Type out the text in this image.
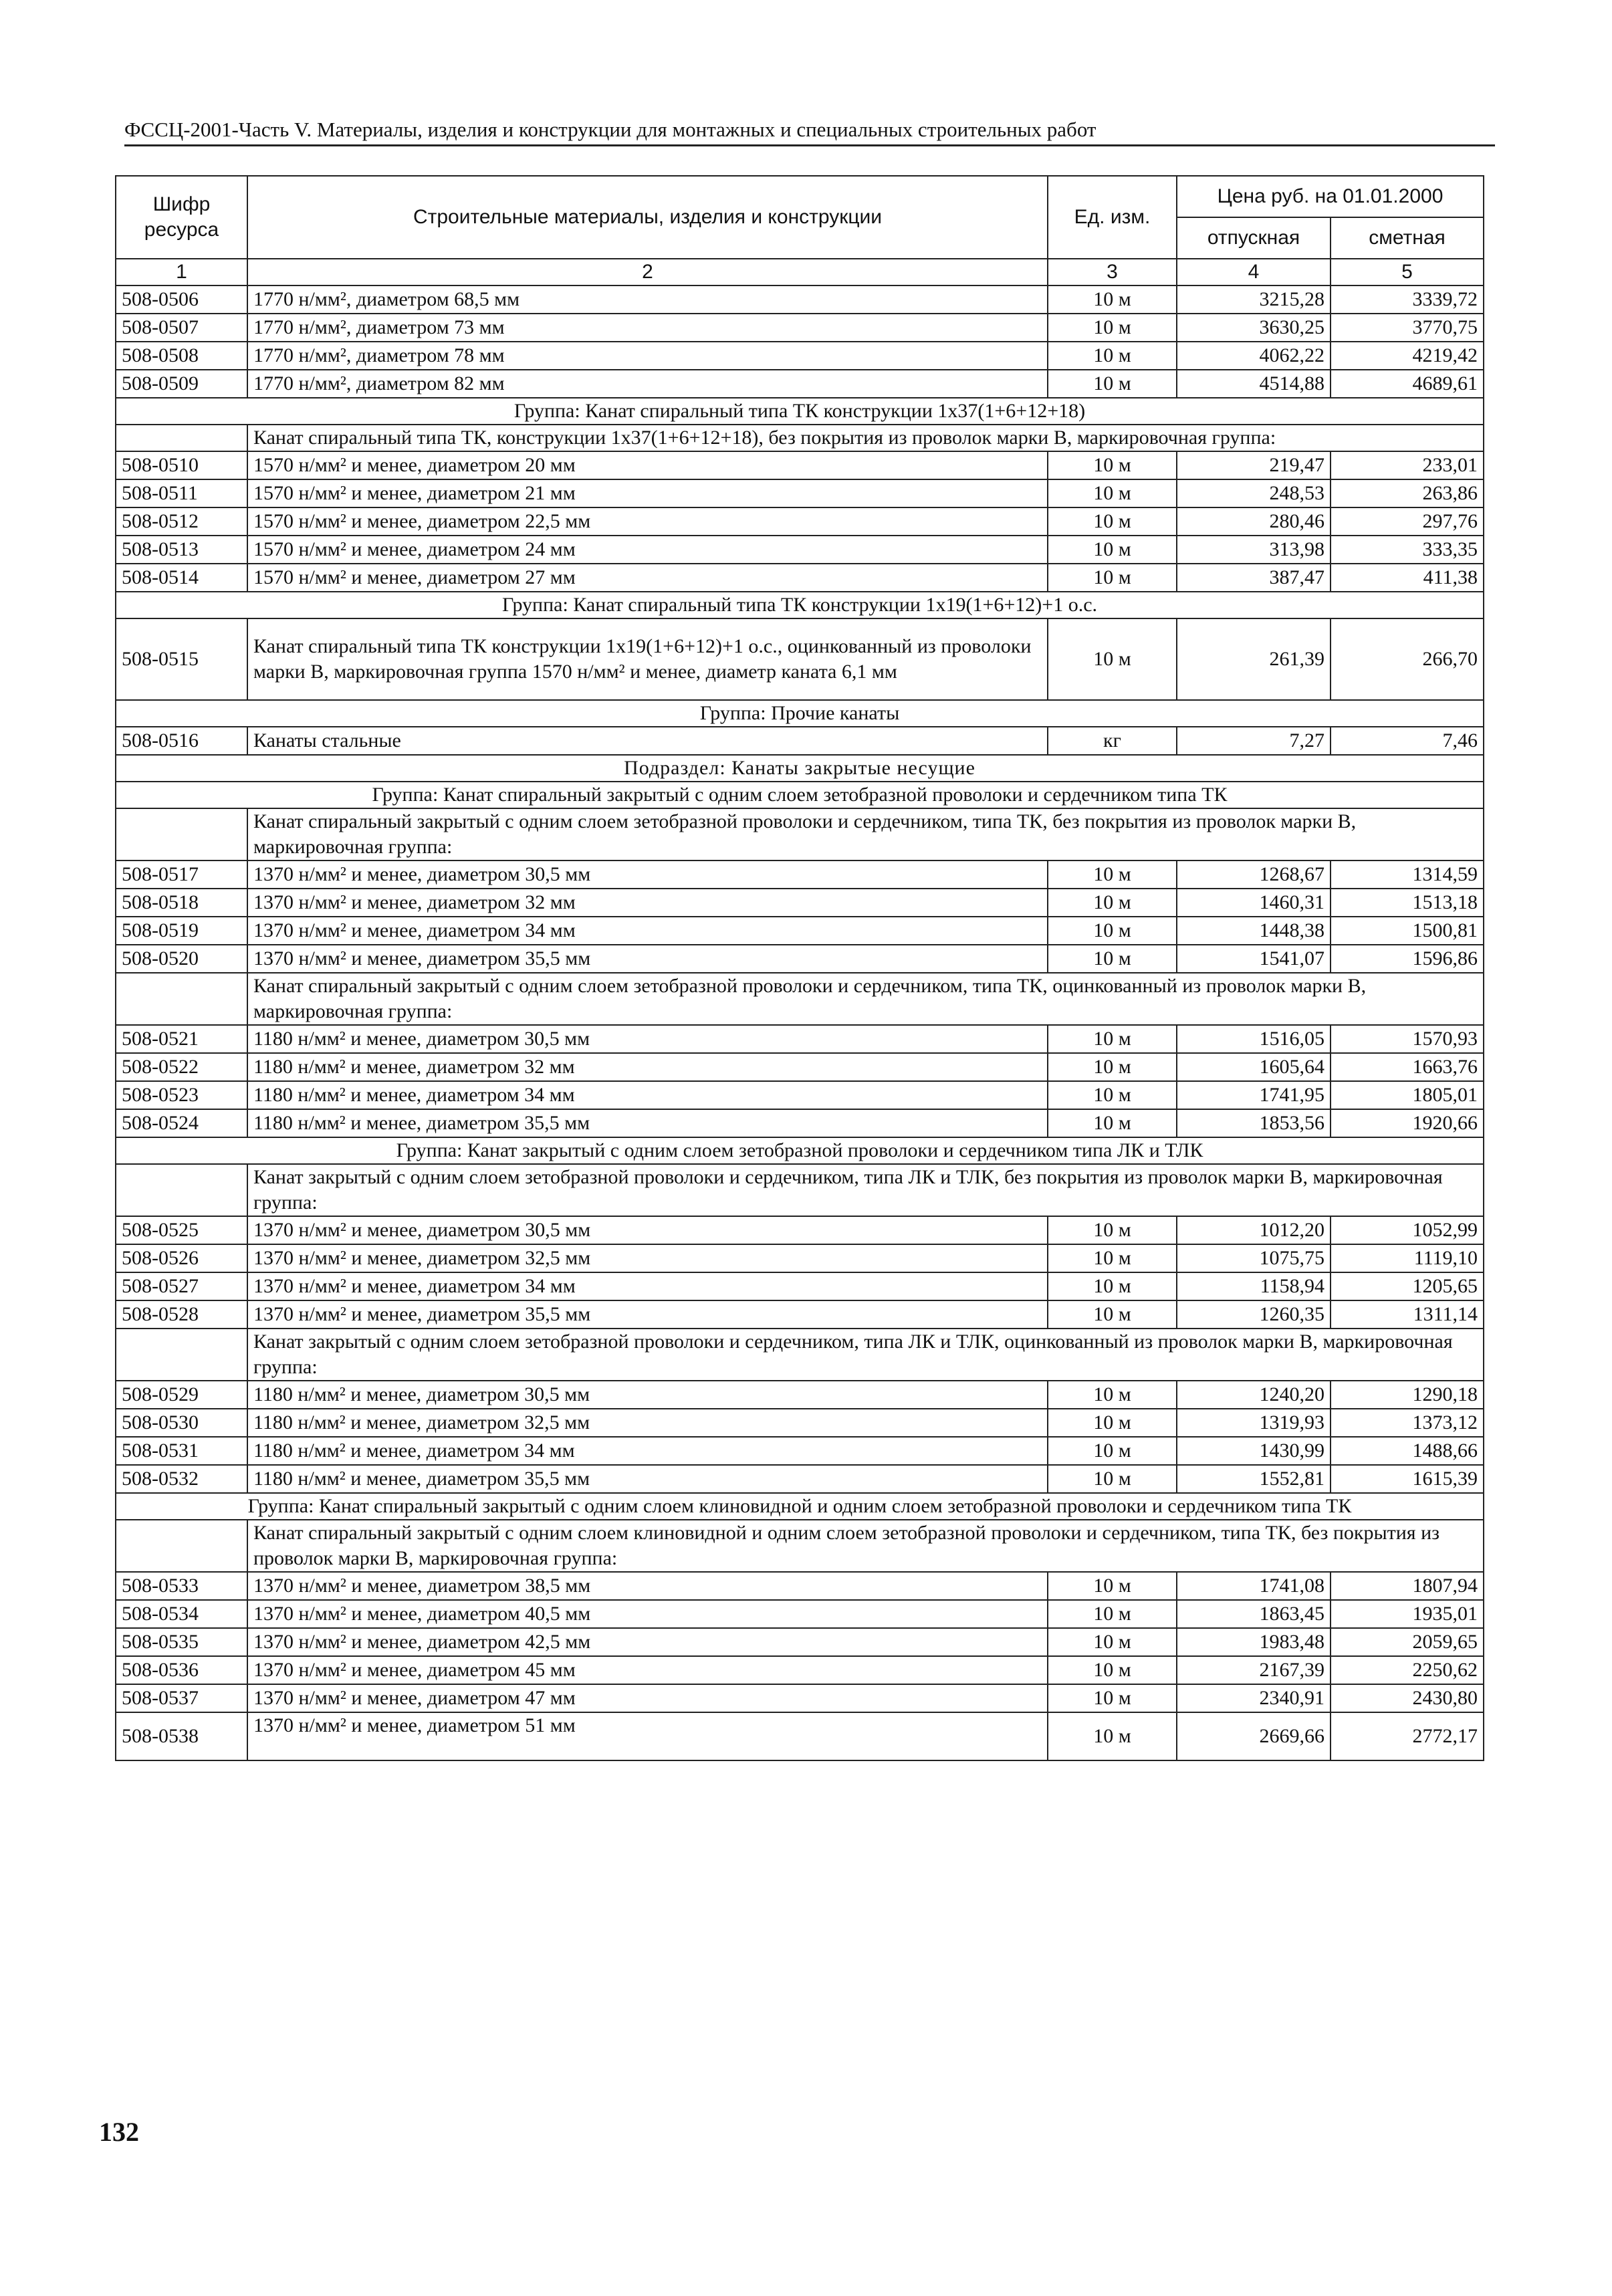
ФССЦ-2001-Часть V. Материалы, изделия и конструкции для монтажных и специальных строительных работ
Шифр ресурса	Строительные материалы, изделия и конструкции	Ед. изм.	Цена руб. на 01.01.2000	
			отпускная	сметная
1	2	3	4	5
508-0506	1770 н/мм², диаметром 68,5 мм	10 м	3215,28	3339,72
508-0507	1770 н/мм², диаметром 73 мм	10 м	3630,25	3770,75
508-0508	1770 н/мм², диаметром 78 мм	10 м	4062,22	4219,42
508-0509	1770 н/мм², диаметром 82 мм	10 м	4514,88	4689,61
Группа: Канат спиральный типа ТК конструкции 1х37(1+6+12+18)				
	Канат спиральный типа ТК, конструкции 1х37(1+6+12+18), без покрытия из проволок марки В, маркировочная группа:			
508-0510	1570 н/мм² и менее, диаметром 20 мм	10 м	219,47	233,01
508-0511	1570 н/мм² и менее, диаметром 21 мм	10 м	248,53	263,86
508-0512	1570 н/мм² и менее, диаметром 22,5 мм	10 м	280,46	297,76
508-0513	1570 н/мм² и менее, диаметром 24 мм	10 м	313,98	333,35
508-0514	1570 н/мм² и менее, диаметром 27 мм	10 м	387,47	411,38
Группа: Канат спиральный типа ТК конструкции 1х19(1+6+12)+1 о.с.				
508-0515	Канат спиральный типа ТК конструкции 1х19(1+6+12)+1 о.с., оцинкованный из проволоки марки В, маркировочная группа 1570 н/мм² и менее, диаметр каната 6,1 мм	10 м	261,39	266,70
Группа: Прочие канаты				
508-0516	Канаты стальные	кг	7,27	7,46
Подраздел: Канаты закрытые несущие				
Группа: Канат спиральный закрытый с одним слоем зетобразной проволоки и сердечником типа ТК				
	Канат спиральный закрытый с одним слоем зетобразной проволоки и сердечником, типа ТК, без покрытия из проволок марки В, маркировочная группа:			
508-0517	1370 н/мм² и менее, диаметром 30,5 мм	10 м	1268,67	1314,59
508-0518	1370 н/мм² и менее, диаметром 32 мм	10 м	1460,31	1513,18
508-0519	1370 н/мм² и менее, диаметром 34 мм	10 м	1448,38	1500,81
508-0520	1370 н/мм² и менее, диаметром 35,5 мм	10 м	1541,07	1596,86
	Канат спиральный закрытый с одним слоем зетобразной проволоки и сердечником, типа ТК, оцинкованный из проволок марки В, маркировочная группа:			
508-0521	1180 н/мм² и менее, диаметром 30,5 мм	10 м	1516,05	1570,93
508-0522	1180 н/мм² и менее, диаметром 32 мм	10 м	1605,64	1663,76
508-0523	1180 н/мм² и менее, диаметром 34 мм	10 м	1741,95	1805,01
508-0524	1180 н/мм² и менее, диаметром 35,5 мм	10 м	1853,56	1920,66
Группа: Канат закрытый с одним слоем зетобразной проволоки и сердечником типа ЛК и ТЛК				
	Канат закрытый с одним слоем зетобразной проволоки и сердечником, типа ЛК и ТЛК, без покрытия из проволок марки В, маркировочная группа:			
508-0525	1370 н/мм² и менее, диаметром 30,5 мм	10 м	1012,20	1052,99
508-0526	1370 н/мм² и менее, диаметром 32,5 мм	10 м	1075,75	1119,10
508-0527	1370 н/мм² и менее, диаметром 34 мм	10 м	1158,94	1205,65
508-0528	1370 н/мм² и менее, диаметром 35,5 мм	10 м	1260,35	1311,14
	Канат закрытый с одним слоем зетобразной проволоки и сердечником, типа ЛК и ТЛК, оцинкованный из проволок марки В, маркировочная группа:			
508-0529	1180 н/мм² и менее, диаметром 30,5 мм	10 м	1240,20	1290,18
508-0530	1180 н/мм² и менее, диаметром 32,5 мм	10 м	1319,93	1373,12
508-0531	1180 н/мм² и менее, диаметром 34 мм	10 м	1430,99	1488,66
508-0532	1180 н/мм² и менее, диаметром 35,5 мм	10 м	1552,81	1615,39
Группа: Канат спиральный закрытый с одним слоем клиновидной и одним слоем зетобразной проволоки и сердечником типа ТК				
	Канат спиральный закрытый с одним слоем клиновидной и одним слоем зетобразной проволоки и сердечником, типа ТК, без покрытия из проволок марки В, маркировочная группа:			
508-0533	1370 н/мм² и менее, диаметром 38,5 мм	10 м	1741,08	1807,94
508-0534	1370 н/мм² и менее, диаметром 40,5 мм	10 м	1863,45	1935,01
508-0535	1370 н/мм² и менее, диаметром 42,5 мм	10 м	1983,48	2059,65
508-0536	1370 н/мм² и менее, диаметром 45 мм	10 м	2167,39	2250,62
508-0537	1370 н/мм² и менее, диаметром 47 мм	10 м	2340,91	2430,80
508-0538	1370 н/мм² и менее, диаметром 51 мм	10 м	2669,66	2772,17
132
